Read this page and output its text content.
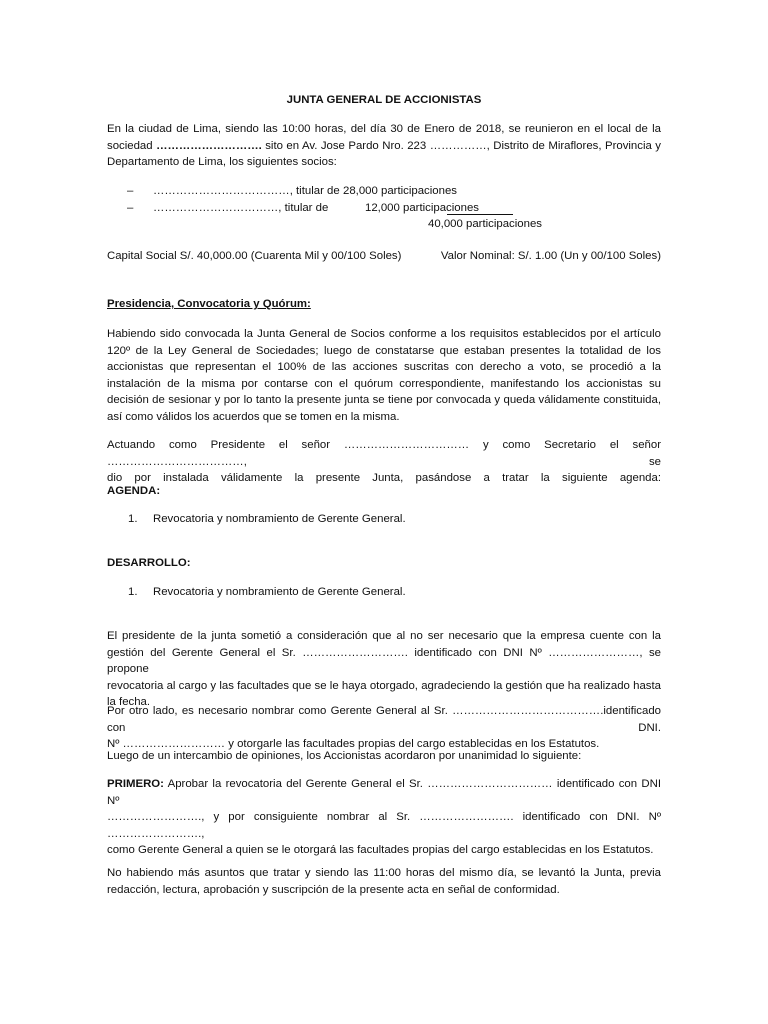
JUNTA GENERAL DE ACCIONISTAS
En la ciudad de Lima, siendo las 10:00 horas, del día 30 de Enero de 2018, se reunieron en el local de la
sociedad ………………………. sito en Av. Jose Pardo Nro. 223 ……………, Distrito de Miraflores, Provincia y
Departamento de Lima, los siguientes socios:
– ………………………………, titular de 28,000 participaciones
– ……………………………, titular de	12,000 participaciones
40,000 participaciones
Capital Social S/. 40,000.00 (Cuarenta Mil y 00/100 Soles)	Valor Nominal: S/. 1.00 (Un y 00/100 Soles)
Presidencia, Convocatoria y Quórum:
Habiendo sido convocada la Junta General de Socios conforme a los requisitos establecidos por el artículo 120º de la Ley General de Sociedades; luego de constatarse que estaban presentes la totalidad de los accionistas que representan el 100% de las acciones suscritas con derecho a voto, se procedió a la instalación de la misma por contarse con el quórum correspondiente, manifestando los accionistas su decisión de sesionar y por lo tanto la presente junta se tiene por convocada y queda válidamente constituida, así como válidos los acuerdos que se tomen en la misma.
Actuando como Presidente el señor …………………………… y como Secretario el señor ………………………………, se
dio por instalada válidamente la presente Junta, pasándose a tratar la siguiente agenda:
AGENDA:
1. Revocatoria y nombramiento de Gerente General.
DESARROLLO:
1. Revocatoria y nombramiento de Gerente General.
El presidente de la junta sometió a consideración que al no ser necesario que la empresa cuente con la
gestión del Gerente General el Sr. ………………………. identificado con DNI Nº ……………………, se propone
revocatoria al cargo y las facultades que se le haya otorgado, agradeciendo la gestión que ha realizado hasta
la fecha.
Por otro lado, es necesario nombrar como Gerente General al Sr. ………………………………….identificado con DNI.
Nº ……………………… y otorgarle las facultades propias del cargo establecidas en los Estatutos.
Luego de un intercambio de opiniones, los Accionistas acordaron por unanimidad lo siguiente:
PRIMERO: Aprobar la revocatoria del Gerente General el Sr. …………………………… identificado con DNI Nº
……………………., y por consiguiente nombrar al Sr. ……………………. identificado con DNI. Nº …………………….,
como Gerente General a quien se le otorgará las facultades propias del cargo establecidas en los Estatutos.
No habiendo más asuntos que tratar y siendo las 11:00 horas del mismo día, se levantó la Junta, previa
redacción, lectura, aprobación y suscripción de la presente acta en señal de conformidad.
